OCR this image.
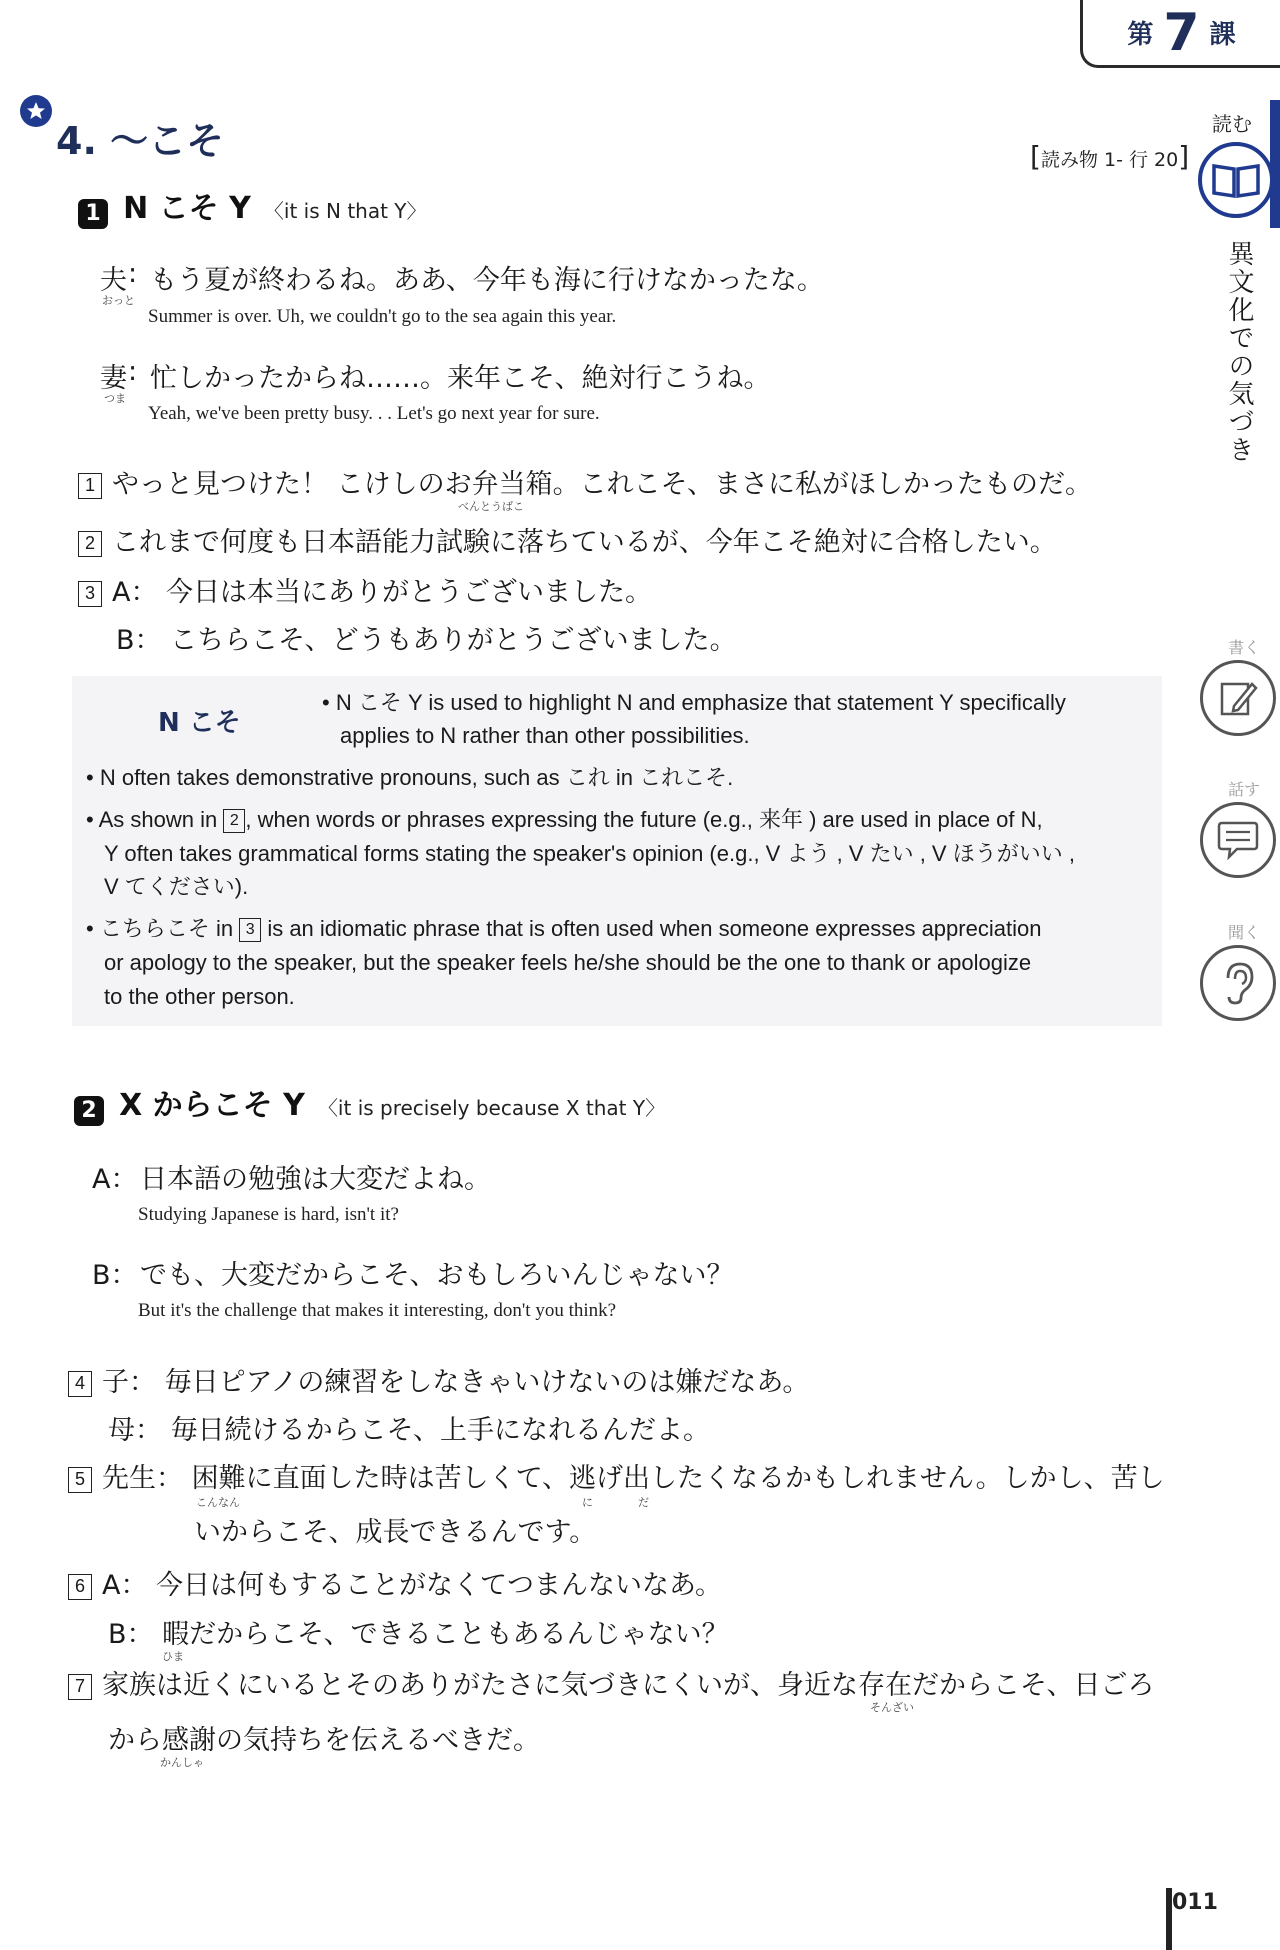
第 7 課
読む
異文化での気づき
書く
話す
聞く
4. ～こそ	[読み物 1- 行 20]
1 N こそ Y 〈it is N that Y〉
夫
おっと
: もう夏が終わるね。ああ、今年も海に行けなかったな。
Summer is over. Uh, we couldn't go to the sea again this year.
妻
つま
: 忙しかったからね……。来年こそ、絶対行こうね。
Yeah, we've been pretty busy. . . Let's go next year for sure.
1 やっと見つけた！ こけしのお弁当箱。これこそ、まさに私がほしかったものだ。
べんとうばこ
2 これまで何度も日本語能力試験に落ちているが、今年こそ絶対に合格したい。
3 A： 今日は本当にありがとうございました。
B： こちらこそ、どうもありがとうございました。
N こそ
• N こそ Y is used to highlight N and emphasize that statement Y specifically
applies to N rather than other possibilities.
• N often takes demonstrative pronouns, such as これ in これこそ.
• As shown in 2 , when words or phrases expressing the future (e.g., 来年 ) are used in place of N,
Y often takes grammatical forms stating the speaker's opinion (e.g., V よう , V たい , V ほうがいい ,
V てください).
• こちらこそ in 3 is an idiomatic phrase that is often used when someone expresses appreciation
or apology to the speaker, but the speaker feels he/she should be the one to thank or apologize
to the other person.
2 X からこそ Y 〈it is precisely because X that Y〉
A： 日本語の勉強は大変だよね。
Studying Japanese is hard, isn't it?
B： でも、大変だからこそ、おもしろいんじゃない？
But it's the challenge that makes it interesting, don't you think?
4 子： 毎日ピアノの練習をしなきゃいけないのは嫌だなあ。
母： 毎日続けるからこそ、上手になれるんだよ。
5 先生： 困難に直面した時は苦しくて、逃げ出したくなるかもしれません。しかし、苦し
こんなん	に	だ
いからこそ、成長できるんです。
6 A： 今日は何もすることがなくてつまんないなあ。
B： 暇だからこそ、できることもあるんじゃない？
ひま
7 家族は近くにいるとそのありがたさに気づきにくいが、身近な存在だからこそ、日ごろ
そんざい
から感謝の気持ちを伝えるべきだ。
かんしゃ
011
